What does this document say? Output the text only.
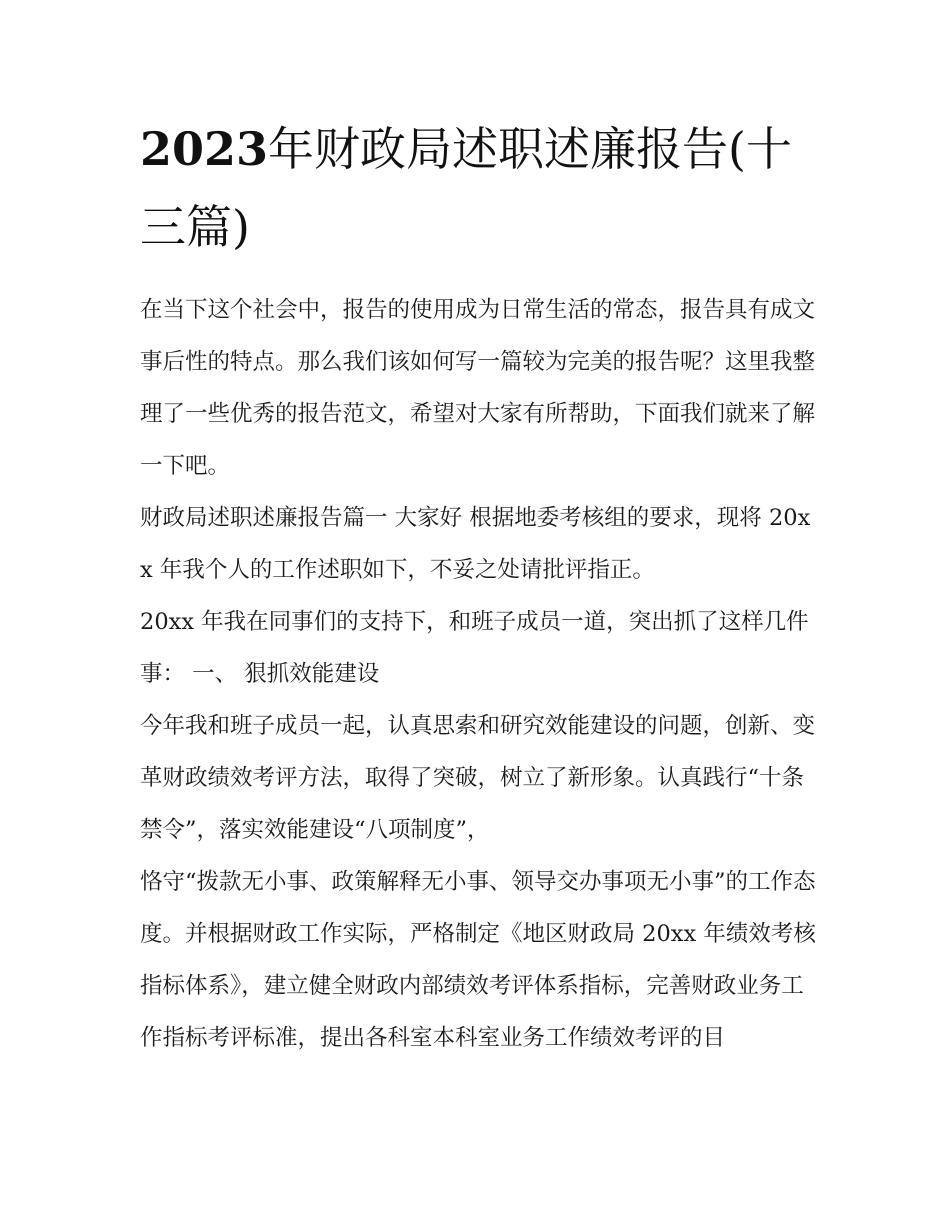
2023年财政局述职述廉报告(十三篇)

在当下这个社会中，报告的使用成为日常生活的常态，报告具有成文事后性的特点。那么我们该如何写一篇较为完美的报告呢？这里我整理了一些优秀的报告范文，希望对大家有所帮助，下面我们就来了解一下吧。

财政局述职述廉报告篇一 大家好 根据地委考核组的要求，现将 20xx 年我个人的工作述职如下，不妥之处请批评指正。

20xx 年我在同事们的支持下，和班子成员一道，突出抓了这样几件事： 一、 狠抓效能建设

今年我和班子成员一起，认真思索和研究效能建设的问题，创新、变革财政绩效考评方法，取得了突破，树立了新形象。认真践行“十条禁令”，落实效能建设“八项制度”，

恪守“拨款无小事、政策解释无小事、领导交办事项无小事”的工作态度。并根据财政工作实际，严格制定《地区财政局 20xx 年绩效考核指标体系》，建立健全财政内部绩效考评体系指标，完善财政业务工作指标考评标准，提出各科室本科室业务工作绩效考评的目
